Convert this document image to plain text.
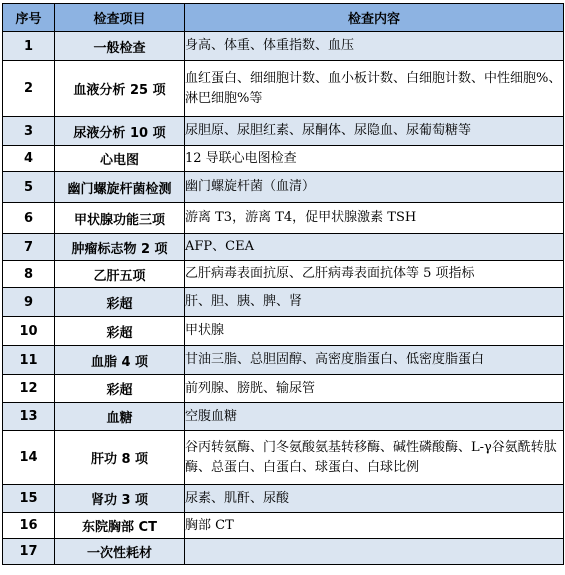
序号	检查项目	检查内容
1	一般检查	身高、体重、体重指数、血压
2	血液分析 25 项	血红蛋白、细细胞计数、血小板计数、白细胞计数、中性细胞%、淋巴细胞%等
3	尿液分析 10 项	尿胆原、尿胆红素、尿酮体、尿隐血、尿葡萄糖等
4	心电图	12 导联心电图检查
5	幽门螺旋杆菌检测	幽门螺旋杆菌（血清）
6	甲状腺功能三项	游离 T3，游离 T4，促甲状腺激素 TSH
7	肿瘤标志物 2 项	AFP、CEA
8	乙肝五项	乙肝病毒表面抗原、乙肝病毒表面抗体等 5 项指标
9	彩超	肝、胆、胰、脾、肾
10	彩超	甲状腺
11	血脂 4 项	甘油三脂、总胆固醇、高密度脂蛋白、低密度脂蛋白
12	彩超	前列腺、膀胱、输尿管
13	血糖	空腹血糖
14	肝功 8 项	谷丙转氨酶、门冬氨酸氨基转移酶、碱性磷酸酶、L-γ谷氨酰转肽酶、总蛋白、白蛋白、球蛋白、白球比例
15	肾功 3 项	尿素、肌酐、尿酸
16	东院胸部 CT	胸部 CT
17	一次性耗材	
